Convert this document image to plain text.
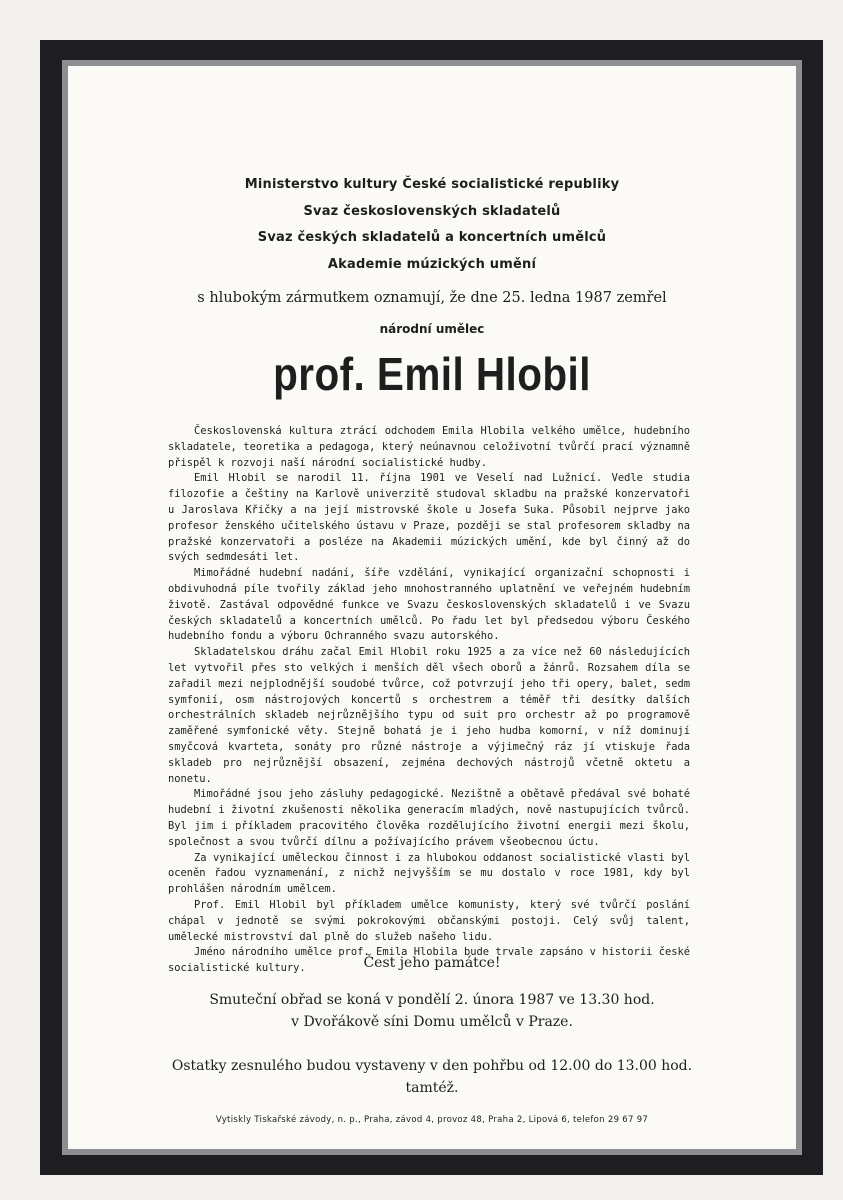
Ministerstvo kultury České socialistické republiky
Svaz československých skladatelů
Svaz českých skladatelů a koncertních umělců
Akademie múzických umění
s hlubokým zármutkem oznamují, že dne 25. ledna 1987 zemřel
národní umělec
prof. Emil Hlobil

Československá kultura ztrácí odchodem Emila Hlobila velkého umělce, hudebního skladatele, teoretika a pedagoga, který neúnavnou celoživotní tvůrčí prací významně přispěl k rozvoji naší národní socialistické hudby.

Emil Hlobil se narodil 11. října 1901 ve Veselí nad Lužnicí. Vedle studia filozofie a češtiny na Karlově univerzitě studoval skladbu na pražské konzervatoři u Jaroslava Křičky a na její mistrovské škole u Josefa Suka. Působil nejprve jako profesor ženského učitelského ústavu v Praze, později se stal profesorem skladby na pražské konzervatoři a posléze na Akademii múzických umění, kde byl činný až do svých sedmdesáti let.

Mimořádné hudební nadání, šíře vzdělání, vynikající organizační schopnosti i obdivuhodná píle tvořily základ jeho mnohostranného uplatnění ve veřejném hudebním životě. Zastával odpovědné funkce ve Svazu československých skladatelů i ve Svazu českých skladatelů a koncertních umělců. Po řadu let byl předsedou výboru Českého hudebního fondu a výboru Ochranného svazu autorského.

Skladatelskou dráhu začal Emil Hlobil roku 1925 a za více než 60 následujících let vytvořil přes sto velkých i menších děl všech oborů a žánrů. Rozsahem díla se zařadil mezi nejplodnější soudobé tvůrce, což potvrzují jeho tři opery, balet, sedm symfonií, osm nástrojových koncertů s orchestrem a téměř tři desítky dalších orchestrálních skladeb nejrůznějšího typu od suit pro orchestr až po programově zaměřené symfonické věty. Stejně bohatá je i jeho hudba komorní, v níž dominují smyčcová kvarteta, sonáty pro různé nástroje a výjimečný ráz jí vtiskuje řada skladeb pro nejrůznější obsazení, zejména dechových nástrojů včetně oktetu a nonetu.

Mimořádné jsou jeho zásluhy pedagogické. Nezištně a obětavě předával své bohaté hudební i životní zkušenosti několika generacím mladých, nově nastupujících tvůrců. Byl jim i příkladem pracovitého člověka rozdělujícího životní energii mezi školu, společnost a svou tvůrčí dílnu a požívajícího právem všeobecnou úctu.

Za vynikající uměleckou činnost i za hlubokou oddanost socialistické vlasti byl oceněn řadou vyznamenání, z nichž nejvyšším se mu dostalo v roce 1981, kdy byl prohlášen národním umělcem.

Prof. Emil Hlobil byl příkladem umělce komunisty, který své tvůrčí poslání chápal v jednotě se svými pokrokovými občanskými postoji. Celý svůj talent, umělecké mistrovství dal plně do služeb našeho lidu.

Jméno národního umělce prof. Emila Hlobila bude trvale zapsáno v historii české socialistické kultury.	Čest jeho památce!
Smuteční obřad se koná v pondělí 2. února 1987 ve 13.30 hod.
v Dvořákově síni Domu umělců v Praze.
Ostatky zesnulého budou vystaveny v den pohřbu od 12.00 do 13.00 hod.
tamtéž.
Vytiskly Tiskařské závody, n. p., Praha, závod 4, provoz 48, Praha 2, Lipová 6, telefon 29 67 97
